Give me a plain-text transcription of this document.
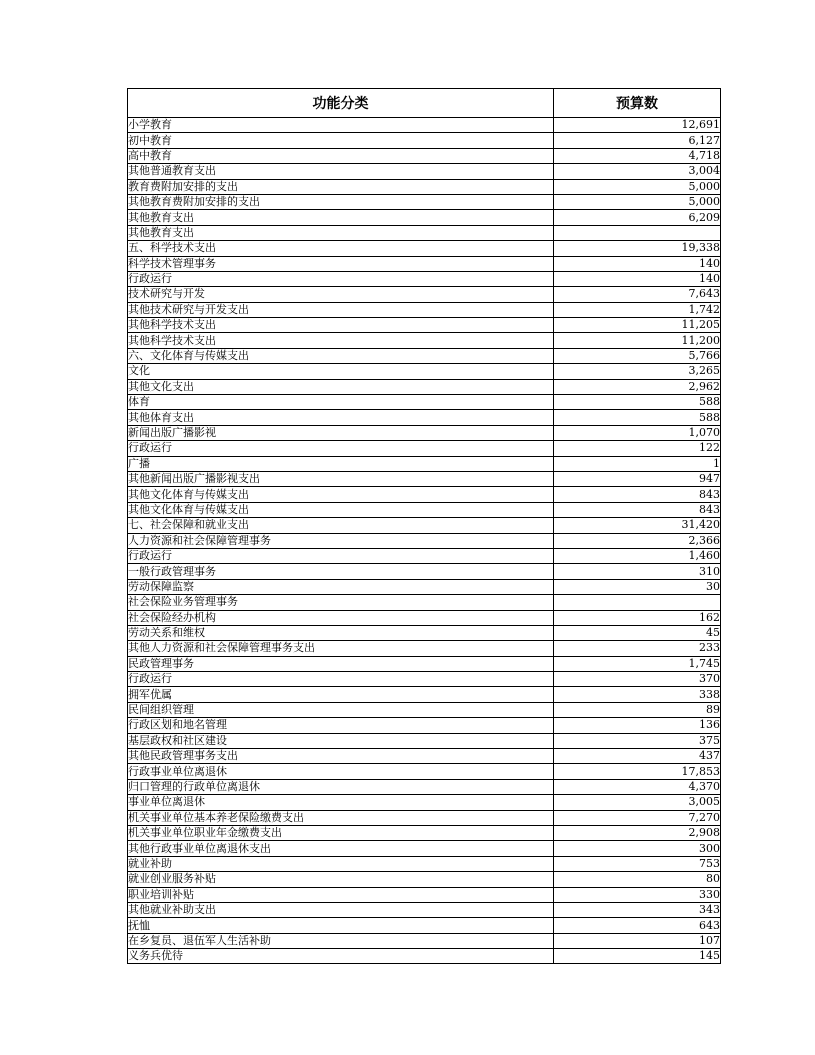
功能分类	预算数
小学教育	12,691
初中教育	6,127
高中教育	4,718
其他普通教育支出	3,004
教育费附加安排的支出	5,000
其他教育费附加安排的支出	5,000
其他教育支出	6,209
其他教育支出	
五、科学技术支出	19,338
科学技术管理事务	140
行政运行	140
技术研究与开发	7,643
其他技术研究与开发支出	1,742
其他科学技术支出	11,205
其他科学技术支出	11,200
六、文化体育与传媒支出	5,766
文化	3,265
其他文化支出	2,962
体育	588
其他体育支出	588
新闻出版广播影视	1,070
行政运行	122
广播	1
其他新闻出版广播影视支出	947
其他文化体育与传媒支出	843
其他文化体育与传媒支出	843
七、社会保障和就业支出	31,420
人力资源和社会保障管理事务	2,366
行政运行	1,460
一般行政管理事务	310
劳动保障监察	30
社会保险业务管理事务	
社会保险经办机构	162
劳动关系和维权	45
其他人力资源和社会保障管理事务支出	233
民政管理事务	1,745
行政运行	370
拥军优属	338
民间组织管理	89
行政区划和地名管理	136
基层政权和社区建设	375
其他民政管理事务支出	437
行政事业单位离退休	17,853
归口管理的行政单位离退休	4,370
事业单位离退休	3,005
机关事业单位基本养老保险缴费支出	7,270
机关事业单位职业年金缴费支出	2,908
其他行政事业单位离退休支出	300
就业补助	753
就业创业服务补贴	80
职业培训补贴	330
其他就业补助支出	343
抚恤	643
在乡复员、退伍军人生活补助	107
义务兵优待	145
